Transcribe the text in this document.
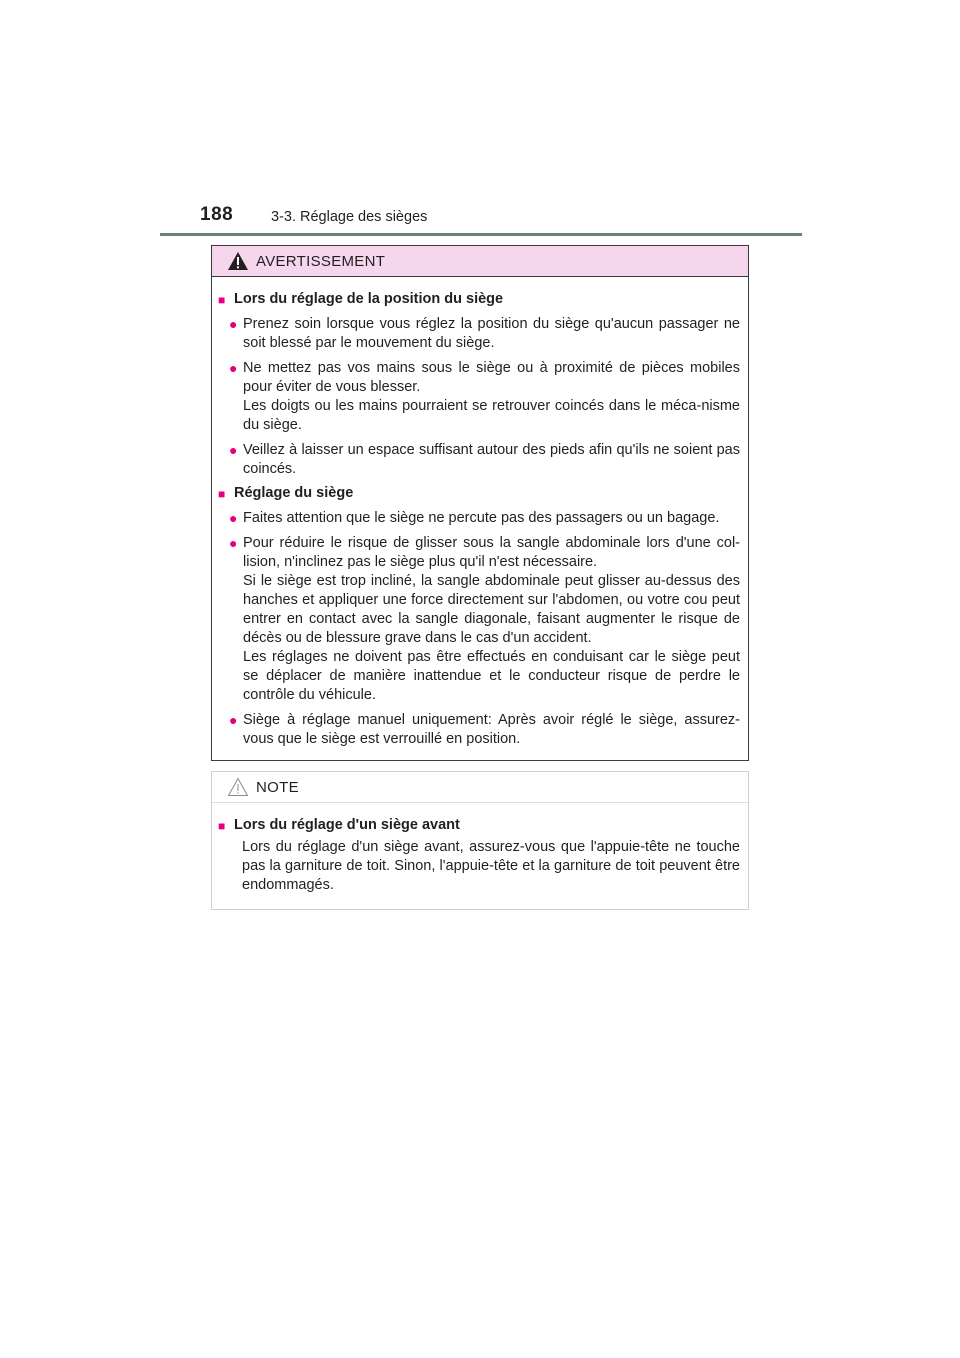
188	3-3. Réglage des sièges
AVERTISSEMENT
■ Lors du réglage de la position du siège
● Prenez soin lorsque vous réglez la position du siège qu'aucun passager ne soit blessé par le mouvement du siège.

● Ne mettez pas vos mains sous le siège ou à proximité de pièces mobiles pour éviter de vous blesser.

Les doigts ou les mains pourraient se retrouver coincés dans le méca-nisme du siège.

● Veillez à laisser un espace suffisant autour des pieds afin qu'ils ne soient pas coincés.

■ Réglage du siège
● Faites attention que le siège ne percute pas des passagers ou un bagage.

● Pour réduire le risque de glisser sous la sangle abdominale lors d'une col-lision, n'inclinez pas le siège plus qu'il n'est nécessaire.

Si le siège est trop incliné, la sangle abdominale peut glisser au-dessus des hanches et appliquer une force directement sur l'abdomen, ou votre cou peut entrer en contact avec la sangle diagonale, faisant augmenter le risque de décès ou de blessure grave dans le cas d'un accident.

Les réglages ne doivent pas être effectués en conduisant car le siège peut se déplacer de manière inattendue et le conducteur risque de perdre le contrôle du véhicule.

● Siège à réglage manuel uniquement: Après avoir réglé le siège, assurez-vous que le siège est verrouillé en position.

NOTE
■ Lors du réglage d'un siège avant
Lors du réglage d'un siège avant, assurez-vous que l'appuie-tête ne touche pas la garniture de toit. Sinon, l'appuie-tête et la garniture de toit peuvent être endommagés.
